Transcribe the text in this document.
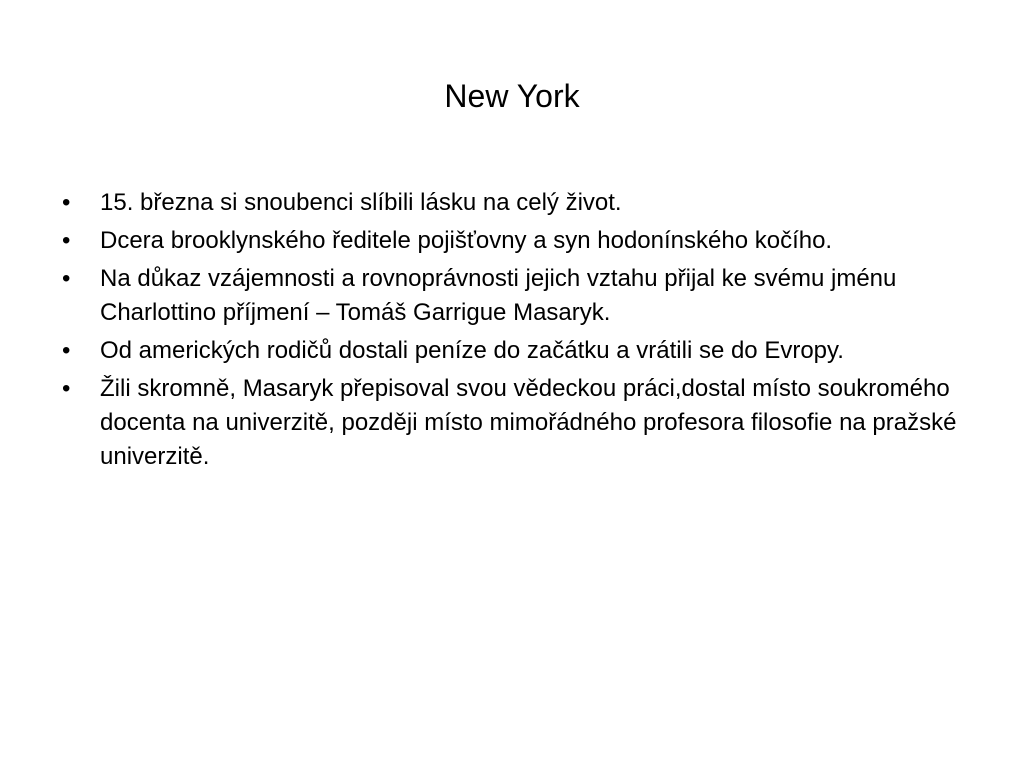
New York
•	15. března si snoubenci slíbili lásku na celý život.
•	Dcera brooklynského ředitele pojišťovny a syn hodonínského kočího.
•	Na důkaz vzájemnosti a rovnoprávnosti jejich vztahu přijal ke svému jménu Charlottino příjmení – Tomáš Garrigue Masaryk.
•	Od amerických rodičů dostali peníze do začátku a vrátili se do Evropy.
•	Žili skromně, Masaryk přepisoval svou vědeckou práci,dostal místo soukromého docenta na univerzitě, později místo mimořádného profesora filosofie na pražské univerzitě.
